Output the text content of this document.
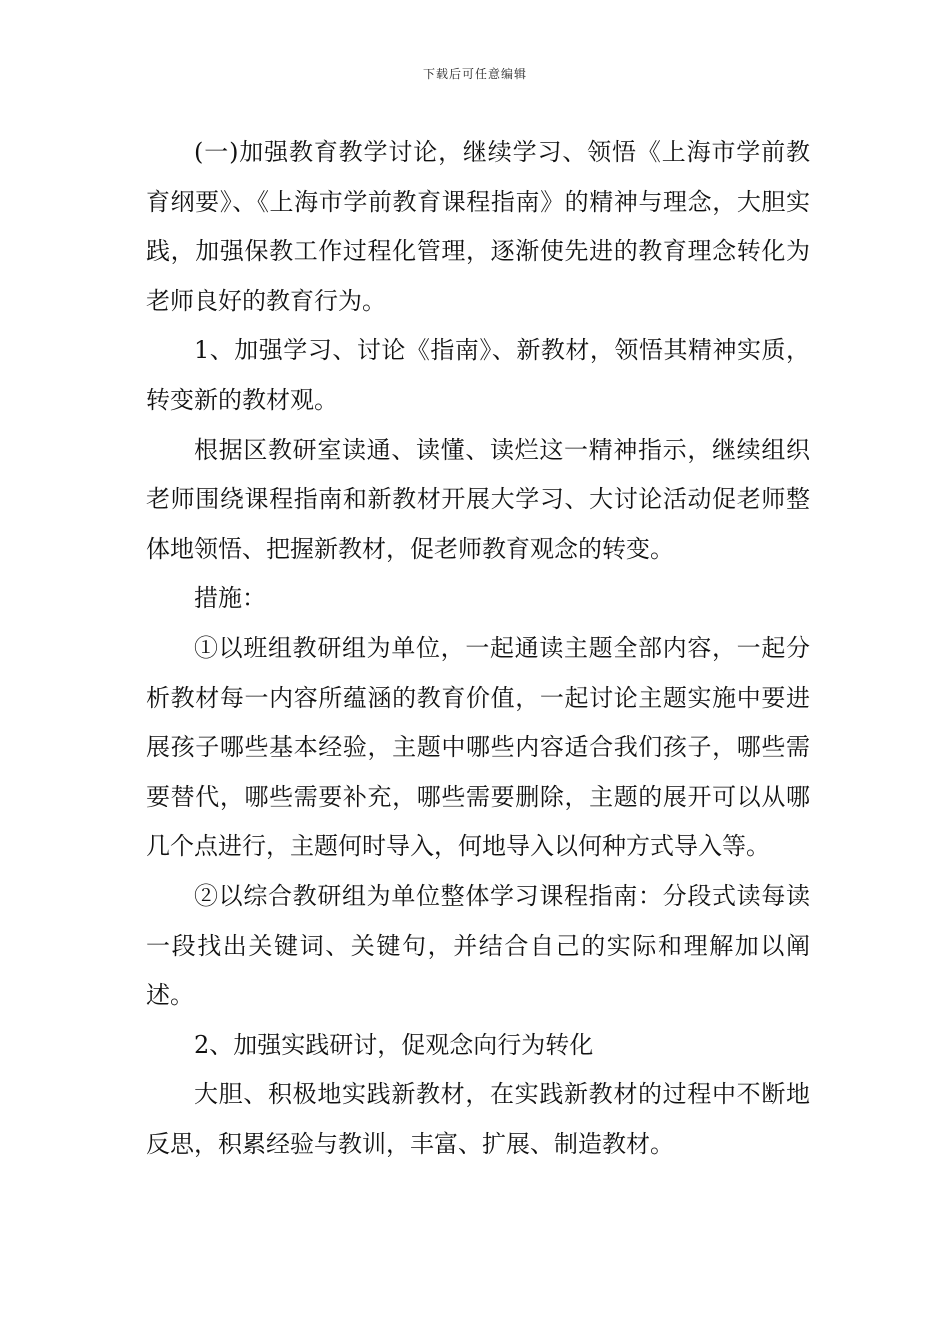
下载后可任意编辑

(一)加强教育教学讨论，继续学习、领悟《上海市学前教育纲要》、《上海市学前教育课程指南》的精神与理念，大胆实践，加强保教工作过程化管理，逐渐使先进的教育理念转化为老师良好的教育行为。

1、加强学习、讨论《指南》、新教材，领悟其精神实质，转变新的教材观。

根据区教研室读通、读懂、读烂这一精神指示，继续组织老师围绕课程指南和新教材开展大学习、大讨论活动促老师整体地领悟、把握新教材，促老师教育观念的转变。

措施：

①以班组教研组为单位，一起通读主题全部内容，一起分析教材每一内容所蕴涵的教育价值，一起讨论主题实施中要进展孩子哪些基本经验，主题中哪些内容适合我们孩子，哪些需要替代，哪些需要补充，哪些需要删除，主题的展开可以从哪几个点进行，主题何时导入，何地导入以何种方式导入等。

②以综合教研组为单位整体学习课程指南：分段式读每读一段找出关键词、关键句，并结合自己的实际和理解加以阐述。

2、加强实践研讨，促观念向行为转化

大胆、积极地实践新教材，在实践新教材的过程中不断地反思，积累经验与教训，丰富、扩展、制造教材。
